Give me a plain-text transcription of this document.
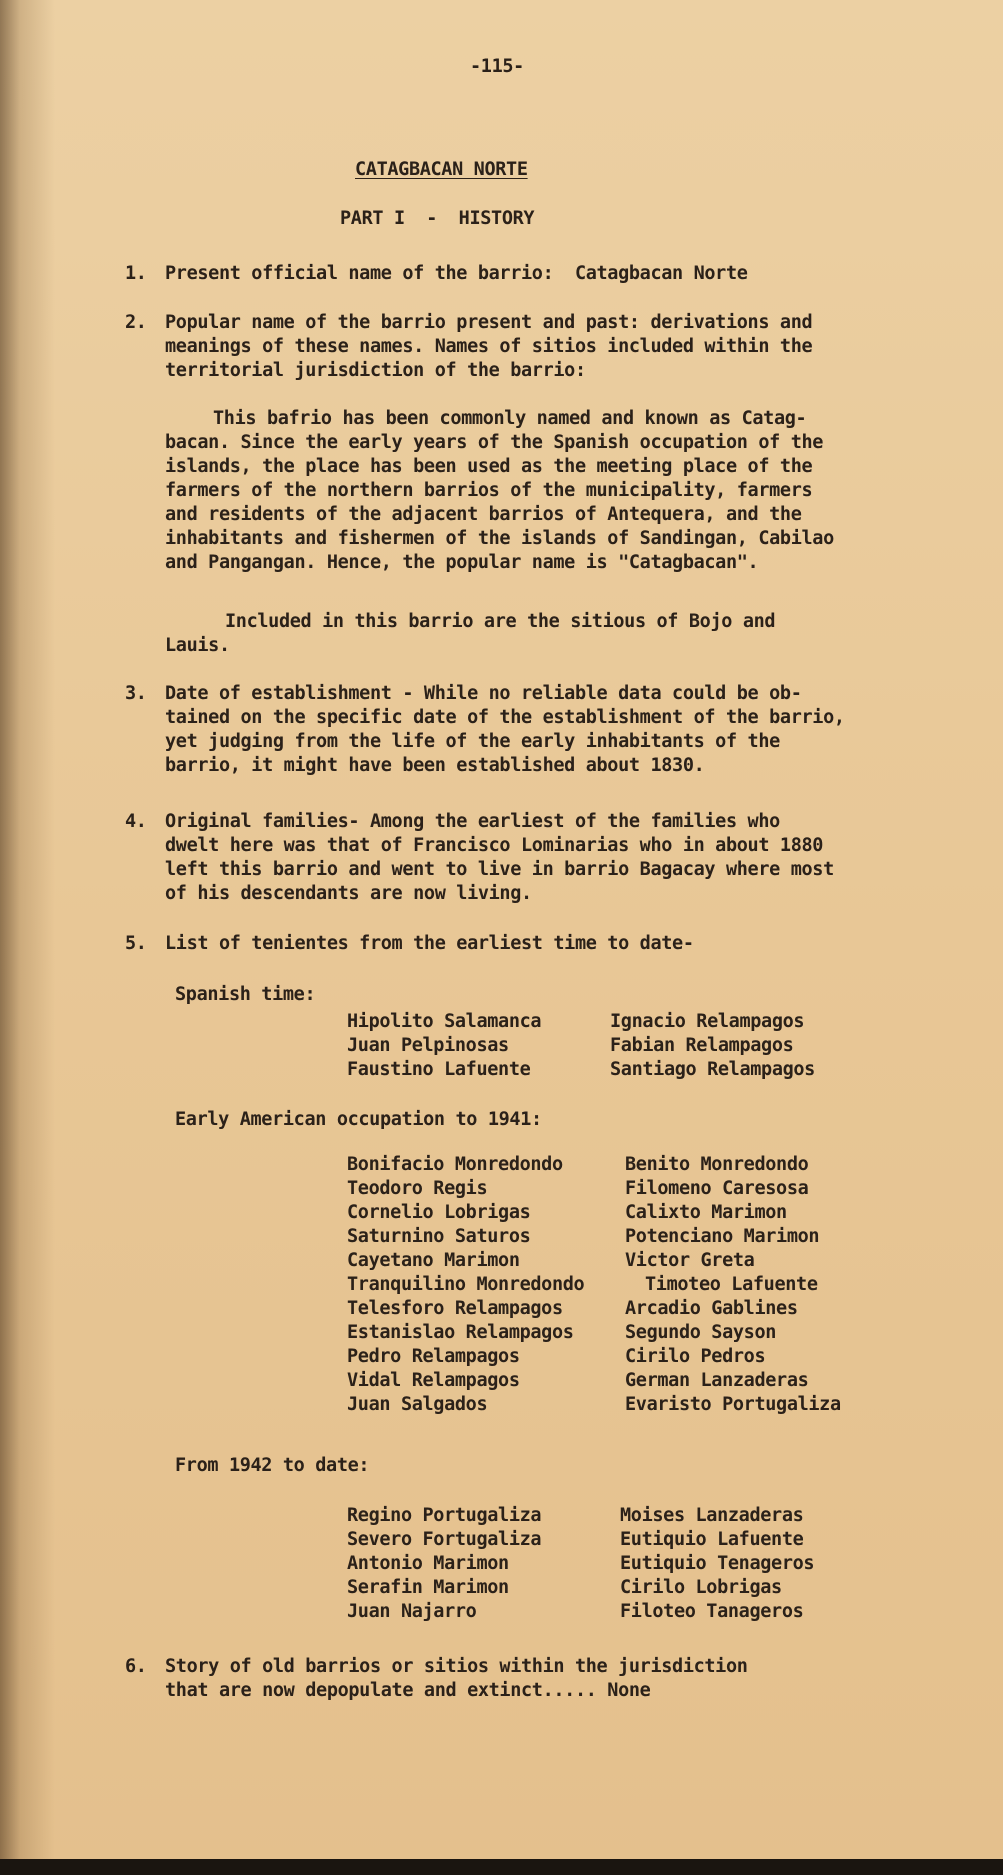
-115-
CATAGBACAN NORTE
PART I  -  HISTORY
1. Present official name of the barrio:  Catagbacan Norte
2. Popular name of the barrio present and past: derivations and
meanings of these names. Names of sitios included within the
territorial jurisdiction of the barrio:
This bafrio has been commonly named and known as Catag-
bacan. Since the early years of the Spanish occupation of the
islands, the place has been used as the meeting place of the
farmers of the northern barrios of the municipality, farmers
and residents of the adjacent barrios of Antequera, and the
inhabitants and fishermen of the islands of Sandingan, Cabilao
and Pangangan. Hence, the popular name is "Catagbacan".
Included in this barrio are the sitious of Bojo and
Lauis.
3. Date of establishment - While no reliable data could be ob-
tained on the specific date of the establishment of the barrio,
yet judging from the life of the early inhabitants of the
barrio, it might have been established about 1830.
4. Original families- Among the earliest of the families who
dwelt here was that of Francisco Lominarias who in about 1880
left this barrio and went to live in barrio Bagacay where most
of his descendants are now living.
5. List of tenientes from the earliest time to date-
Spanish time:
Hipolito Salamanca	Ignacio Relampagos
Juan Pelpinosas	Fabian Relampagos
Faustino Lafuente	Santiago Relampagos
Early American occupation to 1941:
Bonifacio Monredondo	Benito Monredondo
Teodoro Regis	Filomeno Caresosa
Cornelio Lobrigas	Calixto Marimon
Saturnino Saturos	Potenciano Marimon
Cayetano Marimon	Victor Greta
Tranquilino Monredondo	Timoteo Lafuente
Telesforo Relampagos	Arcadio Gablines
Estanislao Relampagos	Segundo Sayson
Pedro Relampagos	Cirilo Pedros
Vidal Relampagos	German Lanzaderas
Juan Salgados	Evaristo Portugaliza
From 1942 to date:
Regino Portugaliza	Moises Lanzaderas
Severo Fortugaliza	Eutiquio Lafuente
Antonio Marimon	Eutiquio Tenageros
Serafin Marimon	Cirilo Lobrigas
Juan Najarro	Filoteo Tanageros
6. Story of old barrios or sitios within the jurisdiction
that are now depopulate and extinct..... None
